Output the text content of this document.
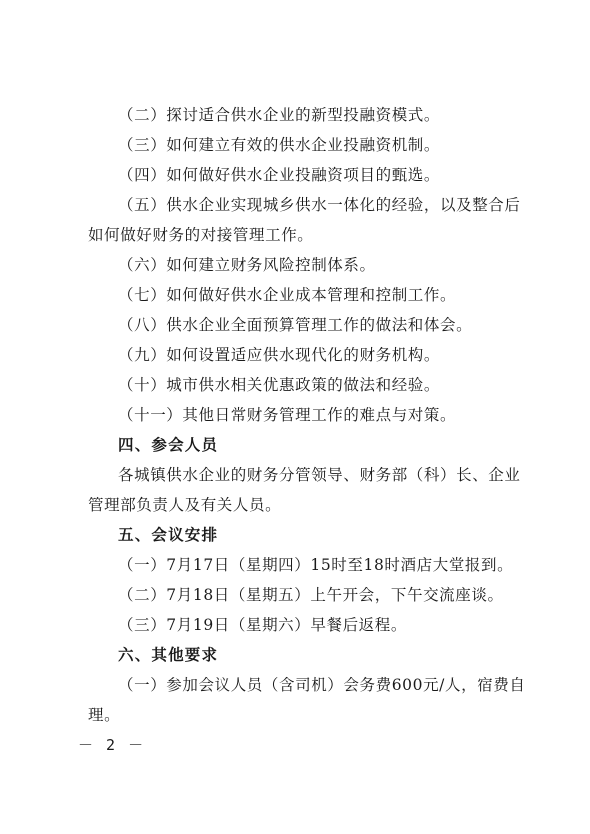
（二）探讨适合供水企业的新型投融资模式。
（三）如何建立有效的供水企业投融资机制。
（四）如何做好供水企业投融资项目的甄选。
（五）供水企业实现城乡供水一体化的经验，以及整合后
如何做好财务的对接管理工作。
（六）如何建立财务风险控制体系。
（七）如何做好供水企业成本管理和控制工作。
（八）供水企业全面预算管理工作的做法和体会。
（九）如何设置适应供水现代化的财务机构。
（十）城市供水相关优惠政策的做法和经验。
（十一）其他日常财务管理工作的难点与对策。
四、参会人员
各城镇供水企业的财务分管领导、财务部（科）长、企业
管理部负责人及有关人员。
五、会议安排
（一）7月17日（星期四）15时至18时酒店大堂报到。
（二）7月18日（星期五）上午开会，下午交流座谈。
（三）7月19日（星期六）早餐后返程。
六、其他要求
（一）参加会议人员（含司机）会务费600元/人，宿费自
理。
－ 2 －
